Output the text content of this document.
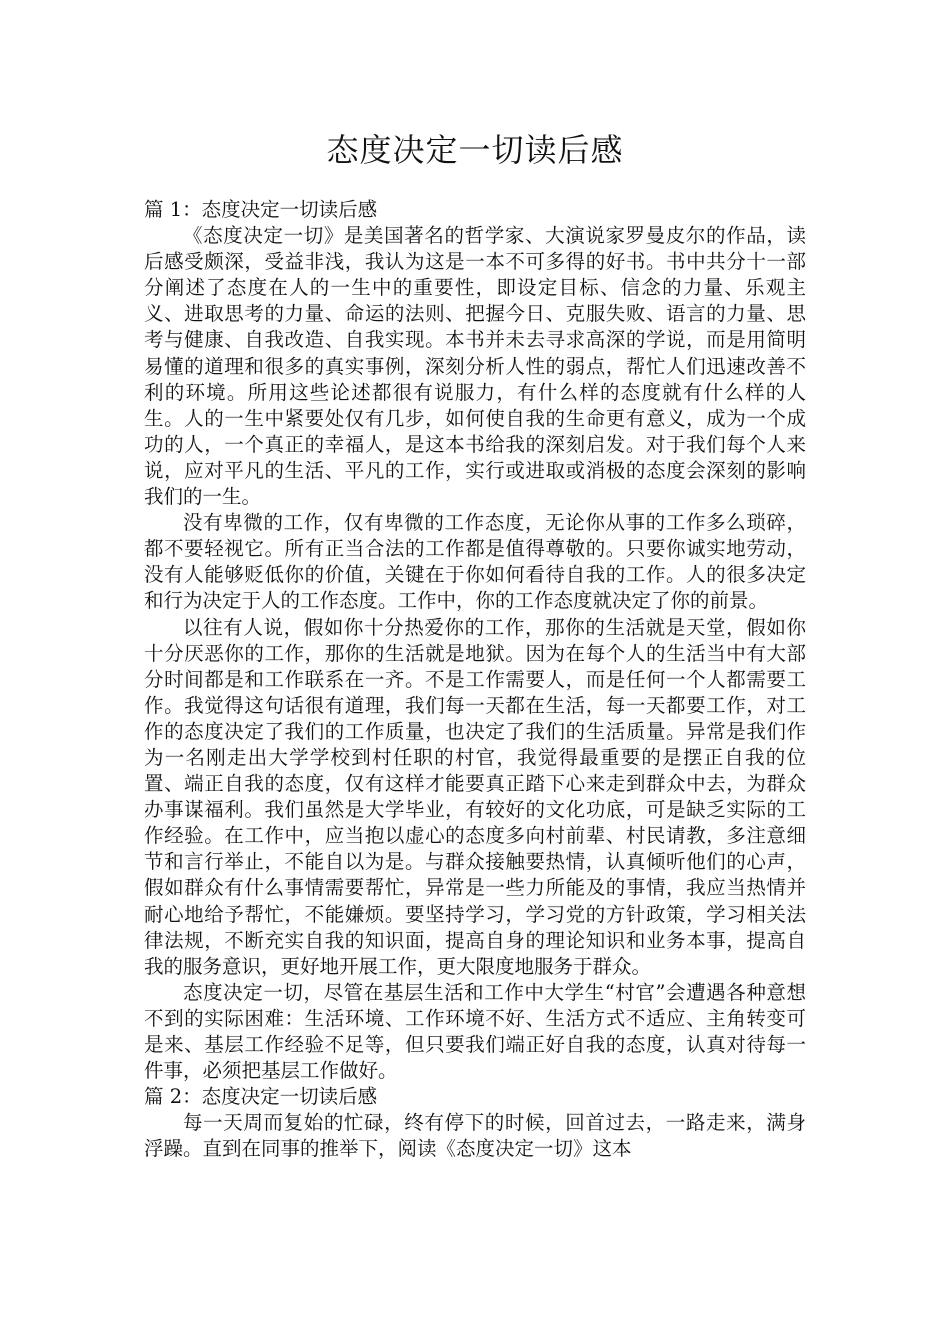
态度决定一切读后感

篇 1：态度决定一切读后感

《态度决定一切》是美国著名的哲学家、大演说家罗曼皮尔的作品，读后感受颇深，受益非浅，我认为这是一本不可多得的好书。书中共分十一部分阐述了态度在人的一生中的重要性，即设定目标、信念的力量、乐观主义、进取思考的力量、命运的法则、把握今日、克服失败、语言的力量、思考与健康、自我改造、自我实现。本书并未去寻求高深的学说，而是用简明易懂的道理和很多的真实事例，深刻分析人性的弱点，帮忙人们迅速改善不利的环境。所用这些论述都很有说服力，有什么样的态度就有什么样的人生。人的一生中紧要处仅有几步，如何使自我的生命更有意义，成为一个成功的人，一个真正的幸福人，是这本书给我的深刻启发。对于我们每个人来说，应对平凡的生活、平凡的工作，实行或进取或消极的态度会深刻的影响我们的一生。

没有卑微的工作，仅有卑微的工作态度，无论你从事的工作多么琐碎，都不要轻视它。所有正当合法的工作都是值得尊敬的。只要你诚实地劳动，没有人能够贬低你的价值，关键在于你如何看待自我的工作。人的很多决定和行为决定于人的工作态度。工作中，你的工作态度就决定了你的前景。

以往有人说，假如你十分热爱你的工作，那你的生活就是天堂，假如你十分厌恶你的工作，那你的生活就是地狱。因为在每个人的生活当中有大部分时间都是和工作联系在一齐。不是工作需要人，而是任何一个人都需要工作。我觉得这句话很有道理，我们每一天都在生活，每一天都要工作，对工作的态度决定了我们的工作质量，也决定了我们的生活质量。异常是我们作为一名刚走出大学学校到村任职的村官，我觉得最重要的是摆正自我的位置、端正自我的态度，仅有这样才能要真正踏下心来走到群众中去，为群众办事谋福利。我们虽然是大学毕业，有较好的文化功底，可是缺乏实际的工作经验。在工作中，应当抱以虚心的态度多向村前辈、村民请教，多注意细节和言行举止，不能自以为是。与群众接触要热情，认真倾听他们的心声，假如群众有什么事情需要帮忙，异常是一些力所能及的事情，我应当热情并耐心地给予帮忙，不能嫌烦。要坚持学习，学习党的方针政策，学习相关法律法规，不断充实自我的知识面，提高自身的理论知识和业务本事，提高自我的服务意识，更好地开展工作，更大限度地服务于群众。

态度决定一切，尽管在基层生活和工作中大学生“村官”会遭遇各种意想不到的实际困难：生活环境、工作环境不好、生活方式不适应、主角转变可是来、基层工作经验不足等，但只要我们端正好自我的态度，认真对待每一件事，必须把基层工作做好。

篇 2：态度决定一切读后感

每一天周而复始的忙碌，终有停下的时候，回首过去，一路走来，满身浮躁。直到在同事的推举下，阅读《态度决定一切》这本
